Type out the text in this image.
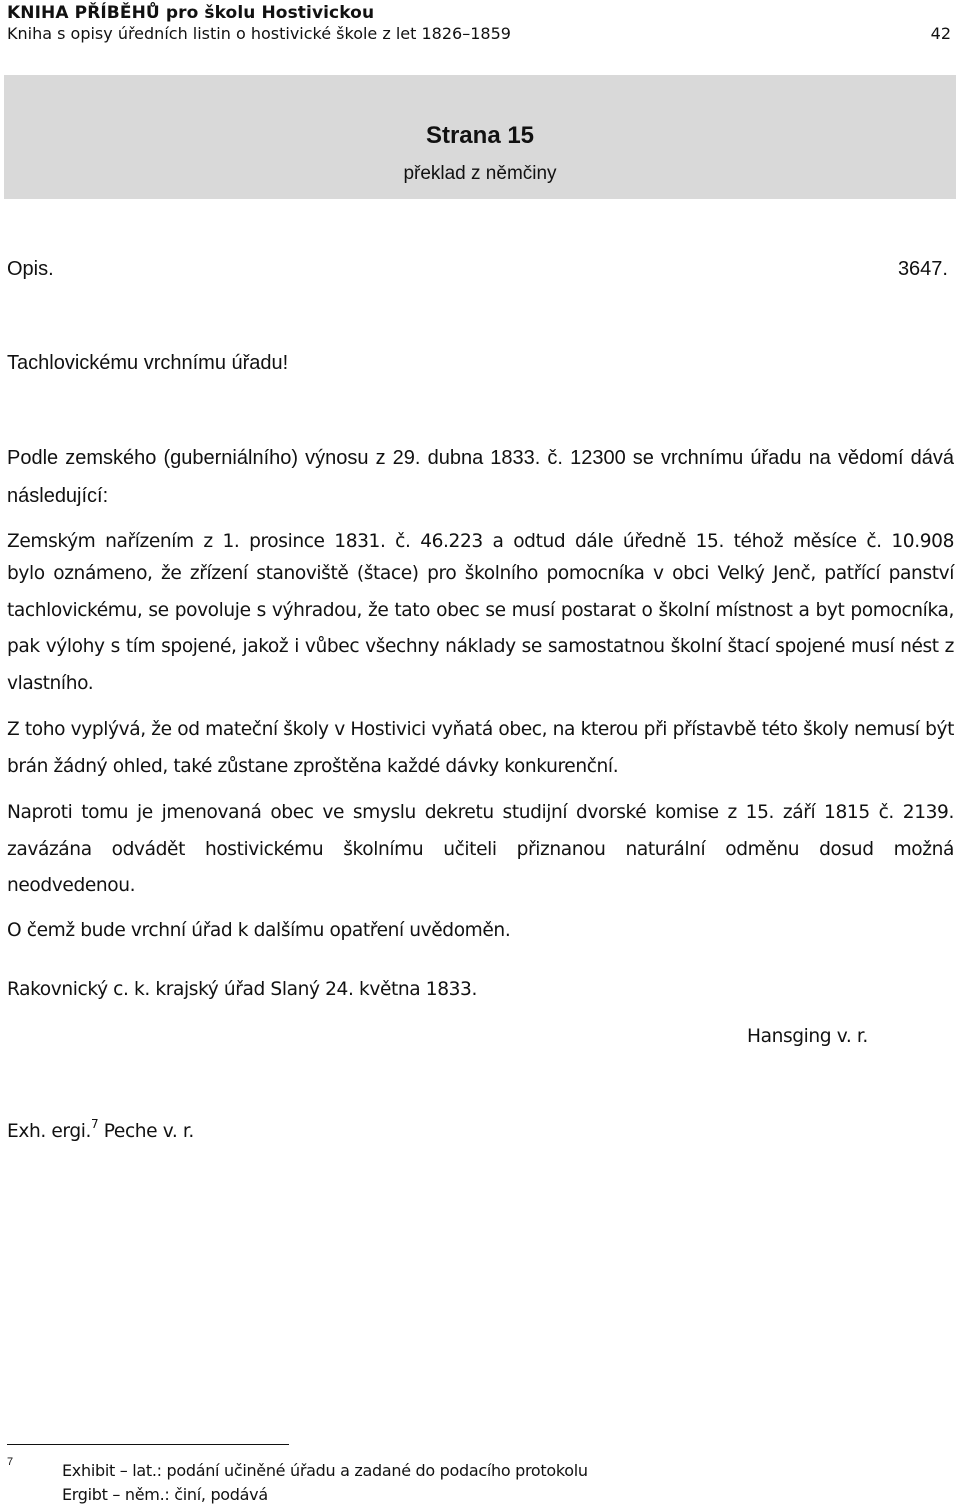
KNIHA PŘÍBĚHŮ pro školu Hostivickou
Kniha s opisy úředních listin o hostivické škole z let 1826–1859	42
Strana 15
překlad z němčiny
Opis.	3647.
Tachlovickému vrchnímu úřadu!

Podle zemského (guberniálního) výnosu z 29. dubna 1833. č. 12300 se vrchnímu úřadu na vědomí dává následující:

Zemským nařízením z 1. prosince 1831. č. 46.223 a odtud dále úředně 15. téhož měsíce č. 10.908

bylo oznámeno, že zřízení stanoviště (štace) pro školního pomocníka v obci Velký Jenč, patřící panství tachlovickému, se povoluje s výhradou, že tato obec se musí postarat o školní místnost a byt pomocníka, pak výlohy s tím spojené, jakož i vůbec všechny náklady se samostatnou školní štací spojené musí nést z vlastního.

Z toho vyplývá, že od mateční školy v Hostivici vyňatá obec, na kterou při přístavbě této školy nemusí být brán žádný ohled, také zůstane zproštěna každé dávky konkurenční.

Naproti tomu je jmenovaná obec ve smyslu dekretu studijní dvorské komise z 15. září 1815 č. 2139. zavázána odvádět hostivickému školnímu učiteli přiznanou naturální odměnu dosud možná neodvedenou.

O čemž bude vrchní úřad k dalšímu opatření uvědoměn.
Rakovnický c. k. krajský úřad Slaný 24. května 1833.
Hansging v. r.
Exh. ergi.$^7$ Peche v. r.
7	Exhibit – lat.: podání učiněné úřadu a zadané do podacího protokolu
Ergibt – něm.: činí, podává
